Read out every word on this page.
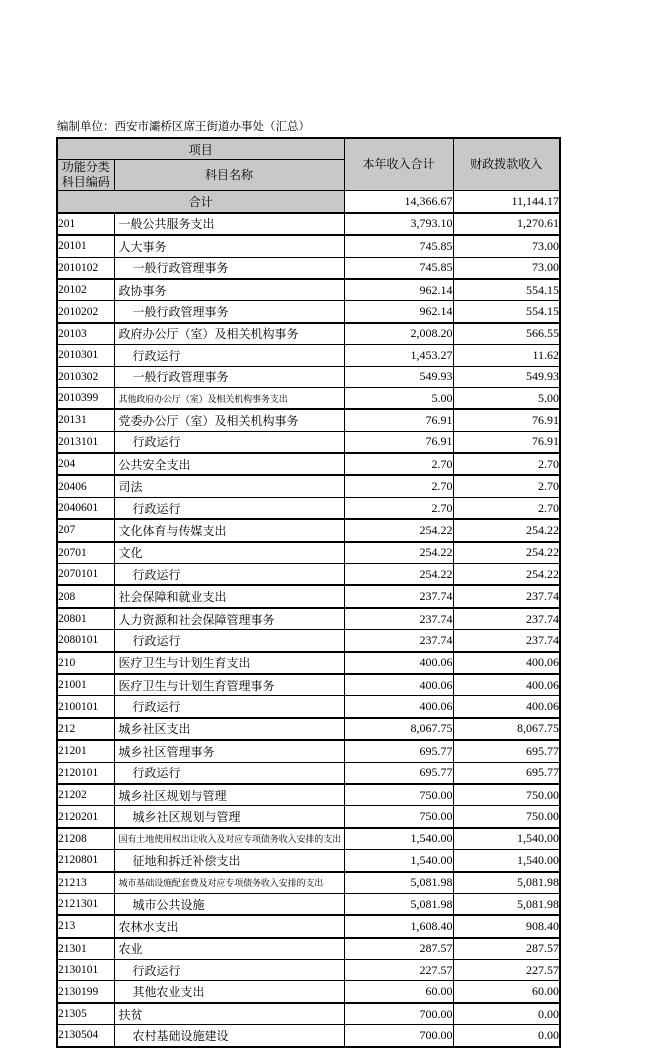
编制单位：西安市灞桥区席王街道办事处（汇总）
项目		本年收入合计	财政拨款收入

功能分类
科目编码	科目名称		
合计		14,366.67	11,144.17
201	一般公共服务支出	3,793.10	1,270.61
20101	人大事务	745.85	73.00
2010102	一般行政管理事务	745.85	73.00
20102	政协事务	962.14	554.15
2010202	一般行政管理事务	962.14	554.15
20103	政府办公厅（室）及相关机构事务	2,008.20	566.55
2010301	行政运行	1,453.27	11.62
2010302	一般行政管理事务	549.93	549.93
2010399	其他政府办公厅（室）及相关机构事务支出	5.00	5.00
20131	党委办公厅（室）及相关机构事务	76.91	76.91
2013101	行政运行	76.91	76.91
204	公共安全支出	2.70	2.70
20406	司法	2.70	2.70
2040601	行政运行	2.70	2.70
207	文化体育与传媒支出	254.22	254.22
20701	文化	254.22	254.22
2070101	行政运行	254.22	254.22
208	社会保障和就业支出	237.74	237.74
20801	人力资源和社会保障管理事务	237.74	237.74
2080101	行政运行	237.74	237.74
210	医疗卫生与计划生育支出	400.06	400.06
21001	医疗卫生与计划生育管理事务	400.06	400.06
2100101	行政运行	400.06	400.06
212	城乡社区支出	8,067.75	8,067.75
21201	城乡社区管理事务	695.77	695.77
2120101	行政运行	695.77	695.77
21202	城乡社区规划与管理	750.00	750.00
2120201	城乡社区规划与管理	750.00	750.00
21208	国有土地使用权出让收入及对应专项债务收入安排的支出	1,540.00	1,540.00
2120801	征地和拆迁补偿支出	1,540.00	1,540.00
21213	城市基础设施配套费及对应专项债务收入安排的支出	5,081.98	5,081.98
2121301	城市公共设施	5,081.98	5,081.98
213	农林水支出	1,608.40	908.40
21301	农业	287.57	287.57
2130101	行政运行	227.57	227.57
2130199	其他农业支出	60.00	60.00
21305	扶贫	700.00	0.00
2130504	农村基础设施建设	700.00	0.00
